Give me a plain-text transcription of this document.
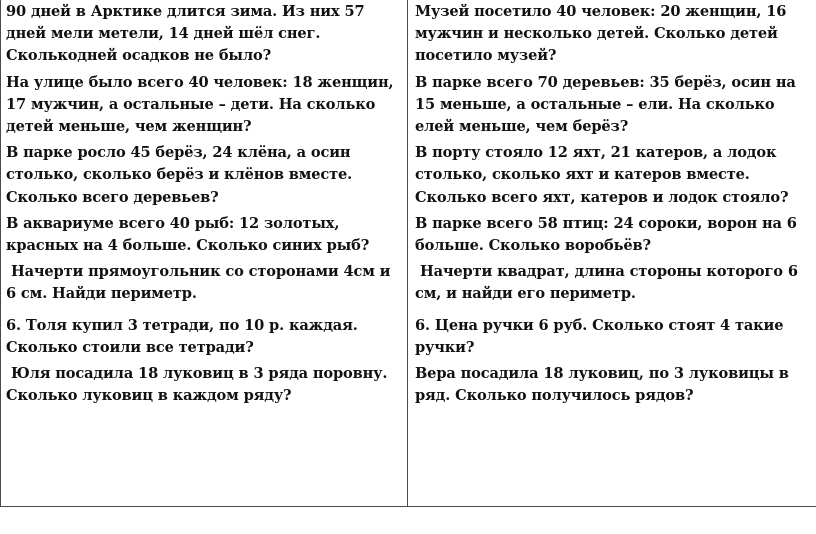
90 дней в Арктике длится зима. Из них 57 дней мели метели, 14 дней шёл снег. Сколькодней осадков не было?

На улице было всего 40 человек: 18 женщин, 17 мужчин, а остальные – дети. На сколько детей меньше, чем женщин?

В парке росло 45 берёз, 24 клёна, а осин столько, сколько берёз и клёнов вместе. Сколько всего деревьев?

В аквариуме всего 40 рыб: 12 золотых, красных на 4 больше. Сколько синих рыб?

Начерти прямоугольник со сторонами 4см и 6 см. Найди периметр.

6. Толя купил 3 тетради, по 10 р. каждая. Сколько стоили все тетради?

Юля посадила 18 луковиц в 3 ряда поровну. Сколько луковиц в каждом ряду?

Музей посетило 40 человек: 20 женщин, 16 мужчин и несколько детей. Сколько детей посетило музей?

В парке всего 70 деревьев: 35 берёз, осин на 15 меньше, а остальные – ели. На сколько елей меньше, чем берёз?

В порту стояло 12 яхт, 21 катеров, а лодок столько, сколько яхт и катеров вместе. Сколько всего яхт, катеров и лодок стояло?

В парке всего 58 птиц: 24 сороки, ворон на 6 больше. Сколько воробьёв?

Начерти квадрат, длина стороны которого 6 см, и найди его периметр.

6. Цена ручки 6 руб. Сколько стоят 4 такие ручки?

Вера посадила 18 луковиц, по 3 луковицы в ряд. Сколько получилось рядов?
